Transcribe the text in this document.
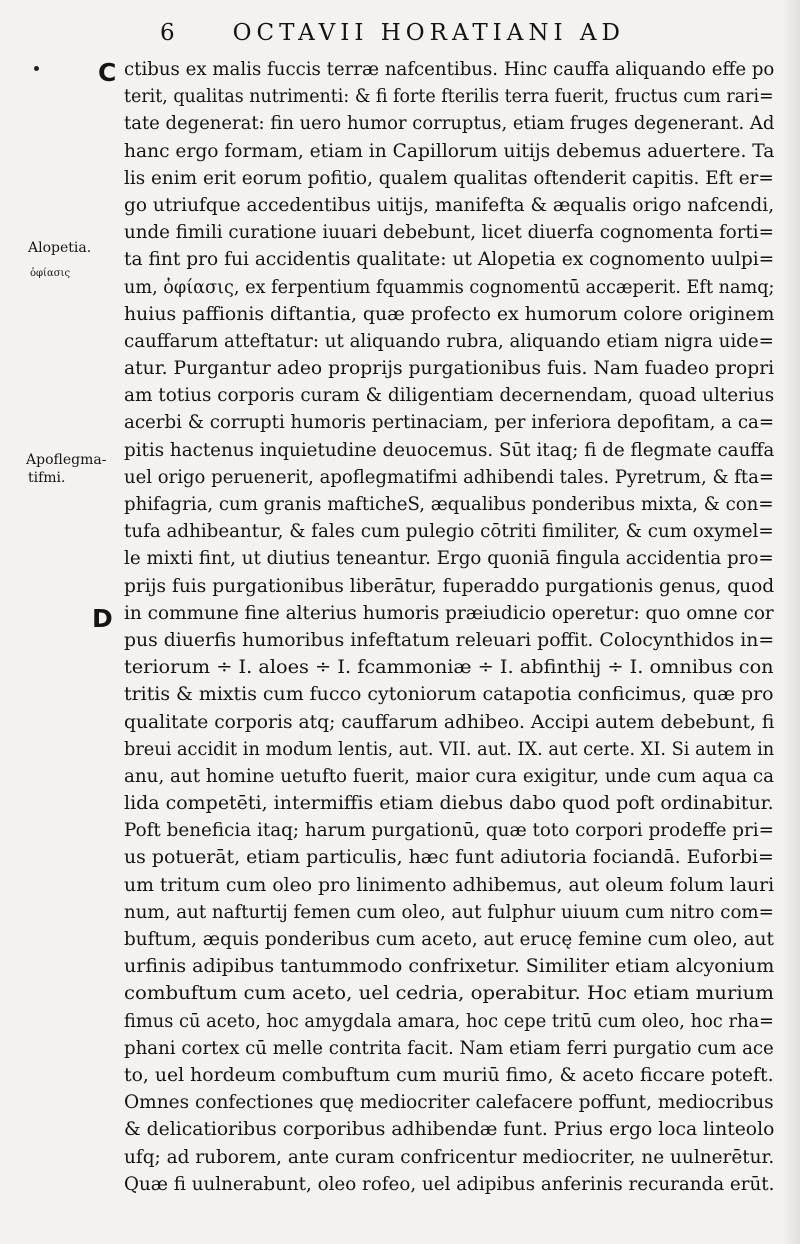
6	OCTAVII HORATIANI AD
C
D
Alopetia.
ὀφίασις
Apoflegma-
tifmi.
ctibus ex malis fuccis terræ nafcentibus. Hinc cauffa aliquando effe po
terit, qualitas nutrimenti: & fi forte fterilis terra fuerit, fructus cum rari=
tate degenerat: fin uero humor corruptus, etiam fruges degenerant. Ad
hanc ergo formam, etiam in Capillorum uitijs debemus aduertere. Ta
lis enim erit eorum pofitio, qualem qualitas oftenderit capitis. Eft er=
go utriufque accedentibus uitijs, manifefta & æqualis origo nafcendi,
unde fimili curatione iuuari debebunt, licet diuerfa cognomenta forti=
ta fint pro fui accidentis qualitate: ut Alopetia ex cognomento uulpi=
um, ὀφίασις, ex ferpentium fquammis cognomentū accæperit. Eft namq;
huius paffionis diftantia, quæ profecto ex humorum colore originem
cauffarum atteftatur: ut aliquando rubra, aliquando etiam nigra uide=
atur. Purgantur adeo proprijs purgationibus fuis. Nam fuadeo propri
am totius corporis curam & diligentiam decernendam, quoad ulterius
acerbi & corrupti humoris pertinaciam, per inferiora depofitam, a ca=
pitis hactenus inquietudine deuocemus. Sūt itaq; fi de flegmate cauffa
uel origo peruenerit, apoflegmatifmi adhibendi tales. Pyretrum, & fta=
phifagria, cum granis mafticheS, æqualibus ponderibus mixta, & con=
tufa adhibeantur, & fales cum pulegio cōtriti fimiliter, & cum oxymel=
le mixti fint, ut diutius teneantur. Ergo quoniā fingula accidentia pro=
prijs fuis purgationibus liberātur, fuperaddo purgationis genus, quod
in commune fine alterius humoris præiudicio operetur: quo omne cor
pus diuerfis humoribus infeftatum releuari poffit. Colocynthidos in=
teriorum ÷ I. aloes ÷ I. fcammoniæ ÷ I. abfinthij ÷ I. omnibus con
tritis & mixtis cum fucco cytoniorum catapotia conficimus, quæ pro
qualitate corporis atq; cauffarum adhibeo. Accipi autem debebunt, fi
breui accidit in modum lentis, aut. VII. aut. IX. aut certe. XI. Si autem in
anu, aut homine uetufto fuerit, maior cura exigitur, unde cum aqua ca
lida competēti, intermiffis etiam diebus dabo quod poft ordinabitur.
Poft beneficia itaq; harum purgationū, quæ toto corpori prodeffe pri=
us potuerāt, etiam particulis, hæc funt adiutoria fociandā. Euforbi=
um tritum cum oleo pro linimento adhibemus, aut oleum folum lauri
num, aut nafturtij femen cum oleo, aut fulphur uiuum cum nitro com=
buftum, æquis ponderibus cum aceto, aut erucę femine cum oleo, aut
urfinis adipibus tantummodo confrixetur. Similiter etiam alcyonium
combuftum cum aceto, uel cedria, operabitur. Hoc etiam murium
fimus cū aceto, hoc amygdala amara, hoc cepe tritū cum oleo, hoc rha=
phani cortex cū melle contrita facit. Nam etiam ferri purgatio cum ace
to, uel hordeum combuftum cum muriū fimo, & aceto ficcare poteft.
Omnes confectiones quę mediocriter calefacere poffunt, mediocribus
& delicatioribus corporibus adhibendæ funt. Prius ergo loca linteolo
ufq; ad ruborem, ante curam confricentur mediocriter, ne uulnerētur.
Quæ fi uulnerabunt, oleo rofeo, uel adipibus anferinis recuranda erūt.
